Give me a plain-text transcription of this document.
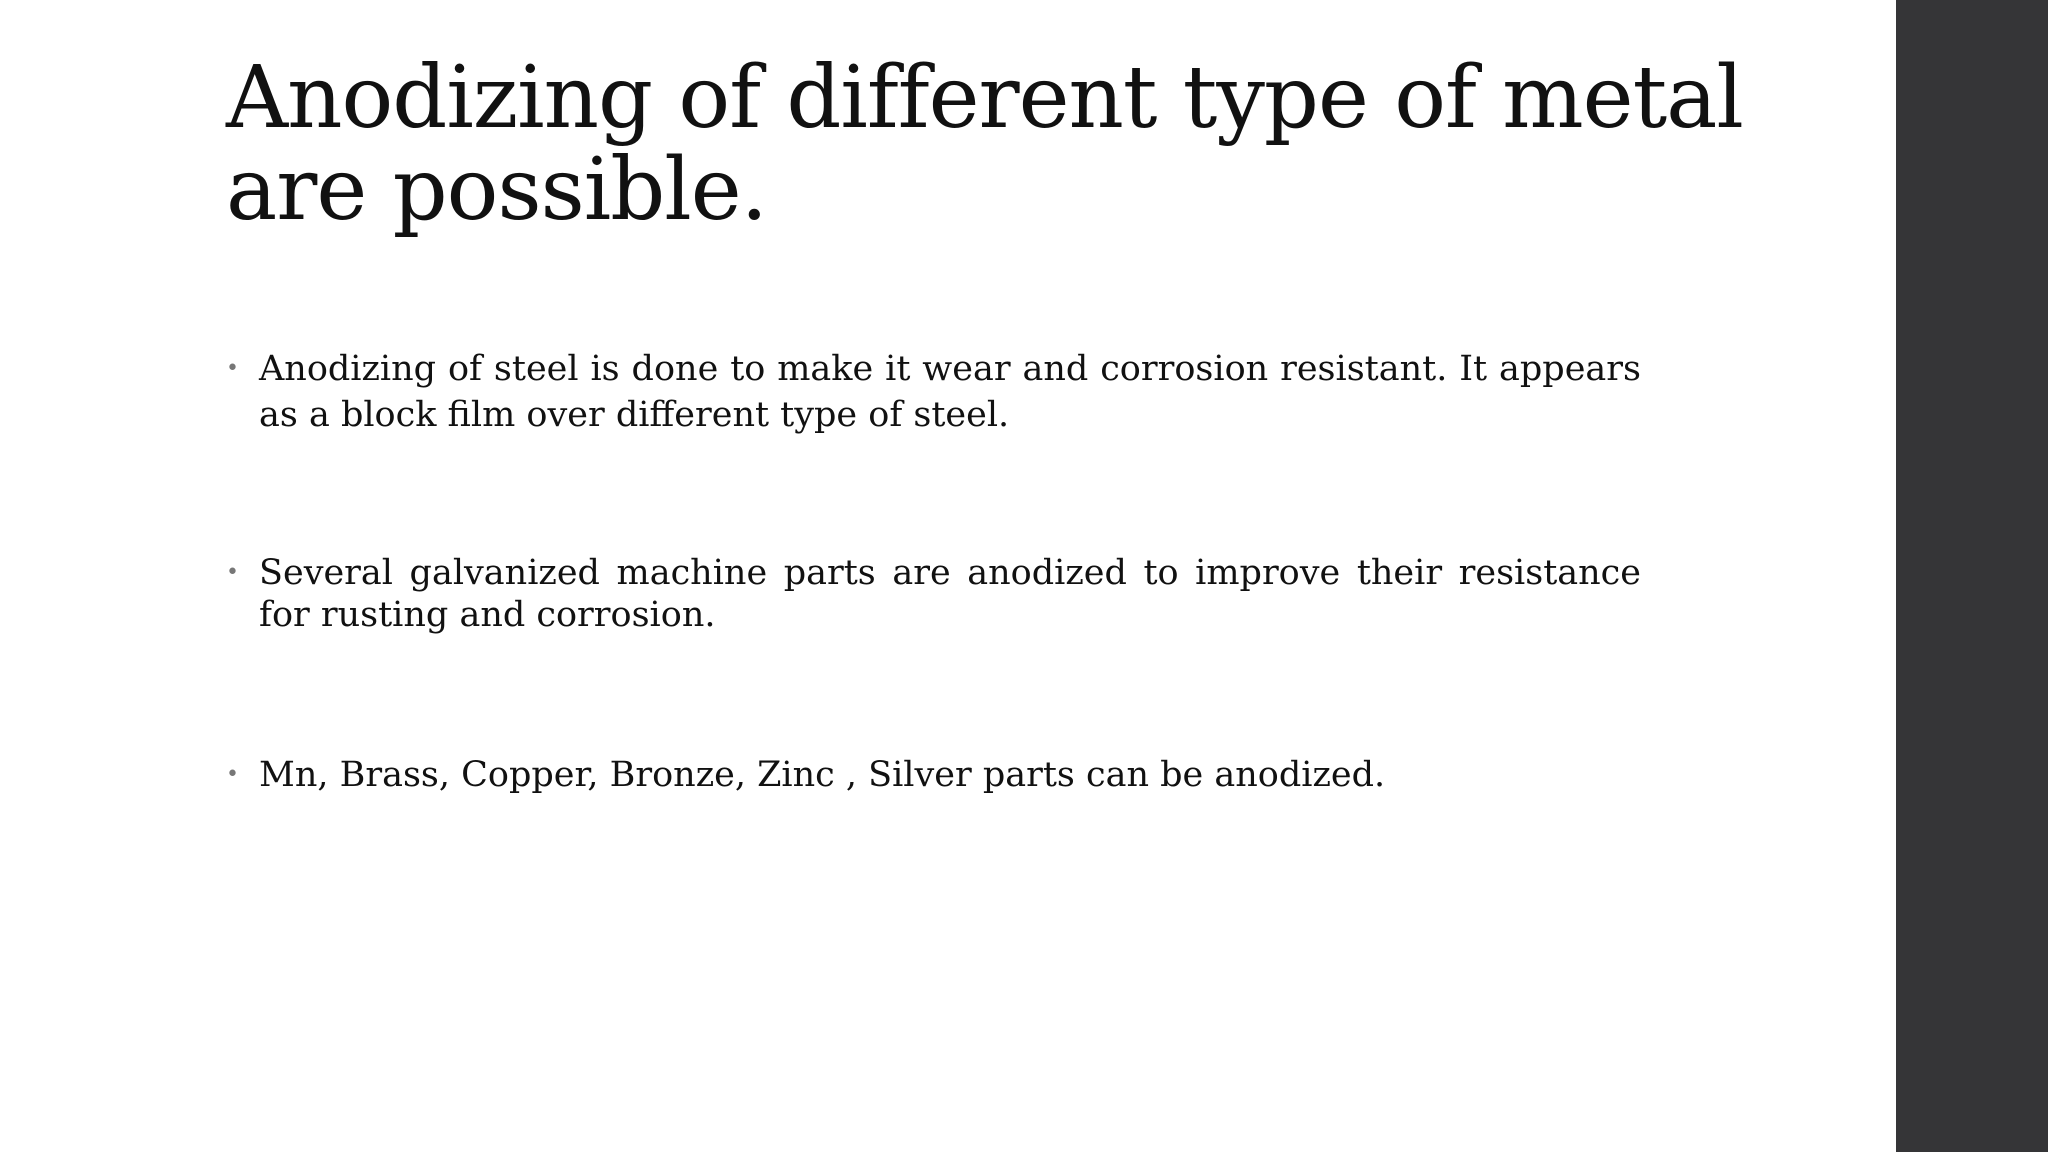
Anodizing of different type of metal are possible.
• Anodizing of steel is done to make it wear and corrosion resistant. It appears as a block film over different type of steel.
• Several galvanized machine parts are anodized to improve their resistance for rusting and corrosion.
• Mn, Brass, Copper, Bronze, Zinc , Silver parts can be anodized.
